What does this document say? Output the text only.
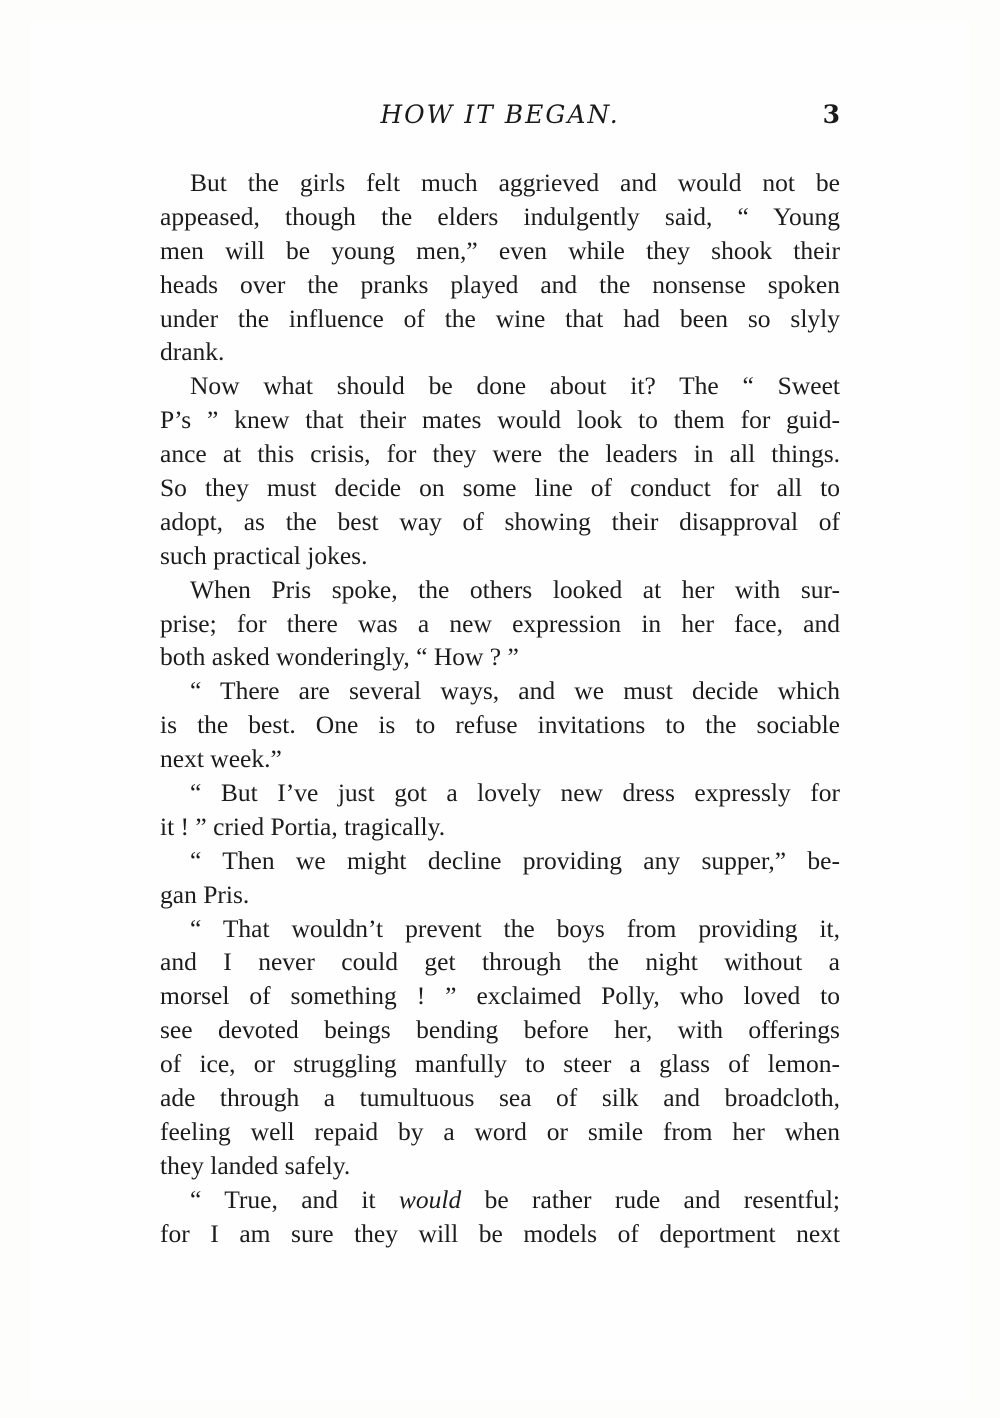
HOW IT BEGAN.	3
But the girls felt much aggrieved and would not be
appeased, though the elders indulgently said, “ Young
men will be young men,” even while they shook their
heads over the pranks played and the nonsense spoken
under the influence of the wine that had been so slyly
drank.
Now what should be done about it? The “ Sweet
P’s ” knew that their mates would look to them for guid-
ance at this crisis, for they were the leaders in all things.
So they must decide on some line of conduct for all to
adopt, as the best way of showing their disapproval of
such practical jokes.
When Pris spoke, the others looked at her with sur-
prise; for there was a new expression in her face, and
both asked wonderingly, “ How ? ”
“ There are several ways, and we must decide which
is the best. One is to refuse invitations to the sociable
next week.”
“ But I’ve just got a lovely new dress expressly for
it ! ” cried Portia, tragically.
“ Then we might decline providing any supper,” be-
gan Pris.
“ That wouldn’t prevent the boys from providing it,
and I never could get through the night without a
morsel of something ! ” exclaimed Polly, who loved to
see devoted beings bending before her, with offerings
of ice, or struggling manfully to steer a glass of lemon-
ade through a tumultuous sea of silk and broadcloth,
feeling well repaid by a word or smile from her when
they landed safely.
“ True, and it would be rather rude and resentful;
for I am sure they will be models of deportment next
